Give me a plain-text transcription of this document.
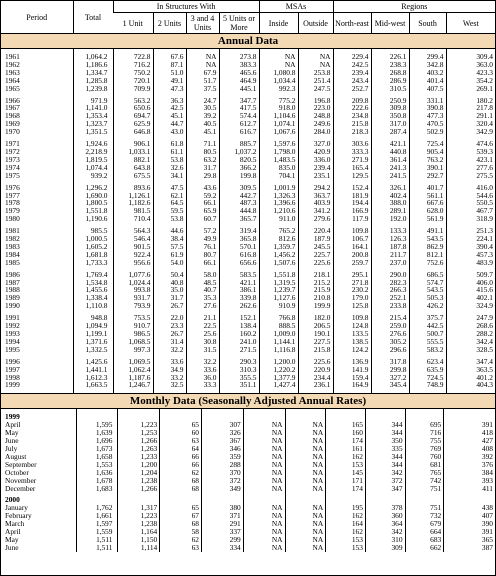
Period	Total	In Structures With				MSAs		Regions			
		1 Unit	2 Units	3 and 4 Units	5 Units or More	Inside	Outside	North-east	Mid-west	South	West
Annual Data

1961	1,064.2	722.8	67.6	NA	273.8	NA	NA	229.4	226.1	299.4	309.4
1962	1,186.6	716.2	87.1	NA	383.3	NA	NA	242.5	238.3	342.8	363.0
1963	1,334.7	750.2	51.0	67.9	465.6	1,080.8	253.8	239.4	268.8	403.2	423.3
1964	1,285.8	720.1	49.1	51.7	464.9	1,034.4	251.4	243.4	286.9	401.4	354.2
1965	1,239.8	709.9	47.3	37.5	445.1	992.3	247.5	252.7	310.5	407.5	269.1

1966	971.9	563.2	36.3	24.7	347.7	775.2	196.8	209.8	250.9	331.1	180.2
1967	1,141.0	650.6	42.5	30.5	417.5	918.0	223.0	222.6	309.8	390.8	217.8
1968	1,353.4	694.7	45.1	39.2	574.4	1,104.6	248.8	234.8	350.8	477.3	291.1
1969	1,323.7	625.9	44.7	40.5	612.7	1,074.1	249.6	215.8	317.0	470.5	320.4
1970	1,351.5	646.8	43.0	45.1	616.7	1,067.6	284.0	218.3	287.4	502.9	342.9

1971	1,924.6	906.1	61.8	71.1	885.7	1,597.6	327.0	303.6	421.1	725.4	474.6
1972	2,218.9	1,033.1	61.1	80.5	1,037.2	1,798.0	420.9	333.3	440.8	905.4	539.3
1973	1,819.5	882.1	53.8	63.2	820.5	1,483.5	336.0	271.9	361.4	763.2	423.1
1974	1,074.4	643.8	32.6	31.7	366.2	835.0	239.4	165.4	241.3	390.1	277.6
1975	939.2	675.5	34.1	29.8	199.8	704.1	235.1	129.5	241.5	292.7	275.5

1976	1,296.2	893.6	47.5	43.6	309.5	1,001.9	294.2	152.4	326.1	401.7	416.0
1977	1,690.0	1,126.1	62.1	59.2	442.7	1,326.3	363.7	181.9	402.4	561.1	544.6
1978	1,800.5	1,182.6	64.5	66.1	487.3	1,396.6	403.9	194.4	388.0	667.6	550.5
1979	1,551.8	981.5	59.5	65.9	444.8	1,210.6	341.2	166.9	289.1	628.0	467.7
1980	1,190.6	710.4	53.8	60.7	365.7	911.0	279.6	117.9	192.0	561.9	318.9

1981	985.5	564.3	44.6	57.2	319.4	765.2	220.4	109.8	133.3	491.1	251.3
1982	1,000.5	546.4	38.4	49.9	365.8	812.6	187.9	106.7	126.3	543.5	224.1
1983	1,605.2	901.5	57.5	76.1	570.1	1,359.7	245.5	164.1	187.8	862.9	390.4
1984	1,681.8	922.4	61.9	80.7	616.8	1,456.2	225.7	200.8	211.7	812.1	457.3
1985	1,733.3	956.6	54.0	66.1	656.6	1,507.6	225.6	259.7	237.0	752.6	483.9

1986	1,769.4	1,077.6	50.4	58.0	583.5	1,551.8	218.1	295.1	290.0	686.5	509.7
1987	1,534.8	1,024.4	40.8	48.5	421.1	1,319.5	215.2	271.8	282.3	574.7	406.0
1988	1,455.6	993.8	35.0	40.7	386.1	1,239.7	215.9	230.2	266.3	543.5	415.6
1989	1,338.4	931.7	31.7	35.3	339.8	1,127.6	210.8	179.0	252.1	505.3	402.1
1990	1,110.8	793.9	26.7	27.6	262.6	910.9	199.9	125.8	233.8	426.2	324.9

1991	948.8	753.5	22.0	21.1	152.1	766.8	182.0	109.8	215.4	375.7	247.9
1992	1,094.9	910.7	23.3	22.5	138.4	888.5	206.5	124.8	259.0	442.5	268.6
1993	1,199.1	986.5	26.7	25.6	160.2	1,009.0	190.1	133.5	276.6	500.7	288.2
1994	1,371.6	1,068.5	31.4	30.8	241.0	1,144.1	227.5	138.5	305.2	555.5	342.4
1995	1,332.5	997.3	32.2	31.5	271.5	1,116.8	215.8	124.2	296.6	583.2	328.5

1996	1,425.6	1,069.5	33.6	32.2	290.3	1,200.0	225.6	136.9	317.8	623.4	347.4
1997	1,441.1	1,062.4	34.9	33.6	310.3	1,220.2	220.9	141.9	299.8	635.9	363.5
1998	1,612.3	1,187.6	33.2	36.0	355.5	1,377.9	234.4	159.4	327.2	724.5	401.2
1999	1,663.5	1,246.7	32.5	33.3	351.1	1,427.4	236.1	164.9	345.4	748.9	404.3

Monthly Data (Seasonally Adjusted Annual Rates)

1999										
April	1,595	1,223	65	307	NA	NA	165	344	695	391
May	1,639	1,253	60	326	NA	NA	160	344	716	418
June	1,696	1,266	63	367	NA	NA	174	350	755	427
July	1,673	1,263	64	346	NA	NA	161	335	769	408
August	1,658	1,233	66	359	NA	NA	162	344	760	392
September	1,553	1,200	66	288	NA	NA	153	344	681	376
October	1,636	1,204	62	370	NA	NA	145	342	765	384
November	1,678	1,238	68	372	NA	NA	171	372	742	393
December	1,683	1,266	68	349	NA	NA	174	347	751	411

2000										
January	1,762	1,317	65	380	NA	NA	195	378	751	438
February	1,661	1,223	67	371	NA	NA	162	360	732	407
March	1,597	1,238	68	291	NA	NA	164	364	679	390
April	1,559	1,164	58	337	NA	NA	162	342	664	391
May	1,511	1,150	62	299	NA	NA	153	310	683	365
June	1,511	1,114	63	334	NA	NA	153	309	662	387
